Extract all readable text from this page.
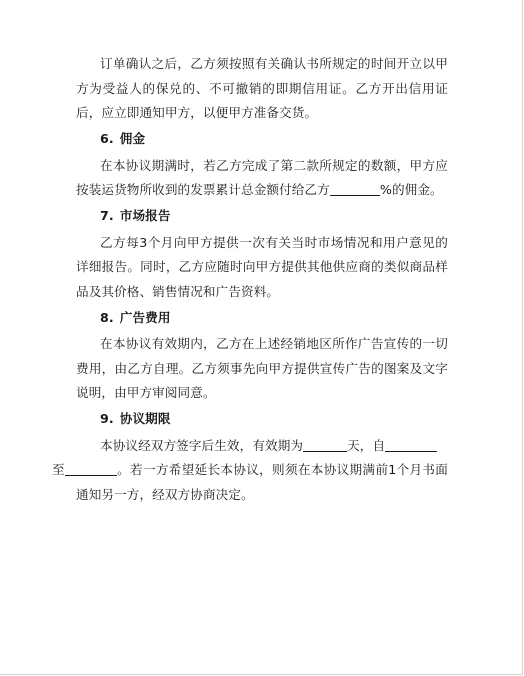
订单确认之后，乙方须按照有关确认书所规定的时间开立以甲方为受益人的保兑的、不可撤销的即期信用证。乙方开出信用证后，应立即通知甲方，以便甲方准备交货。

6. 佣金

在本协议期满时，若乙方完成了第二款所规定的数额，甲方应按装运货物所收到的发票累计总金额付给乙方	%的佣金。

7. 市场报告

乙方每3个月向甲方提供一次有关当时市场情况和用户意见的详细报告。同时，乙方应随时向甲方提供其他供应商的类似商品样品及其价格、销售情况和广告资料。

8. 广告费用

在本协议有效期内，乙方在上述经销地区所作广告宣传的一切费用，由乙方自理。乙方须事先向甲方提供宣传广告的图案及文字说明，由甲方审阅同意。

9. 协议期限

本协议经双方签字后生效，有效期为	天，自
至	。若一方希望延长本协议，则须在本协议期满前1个月书面通知另一方，经双方协商决定。
